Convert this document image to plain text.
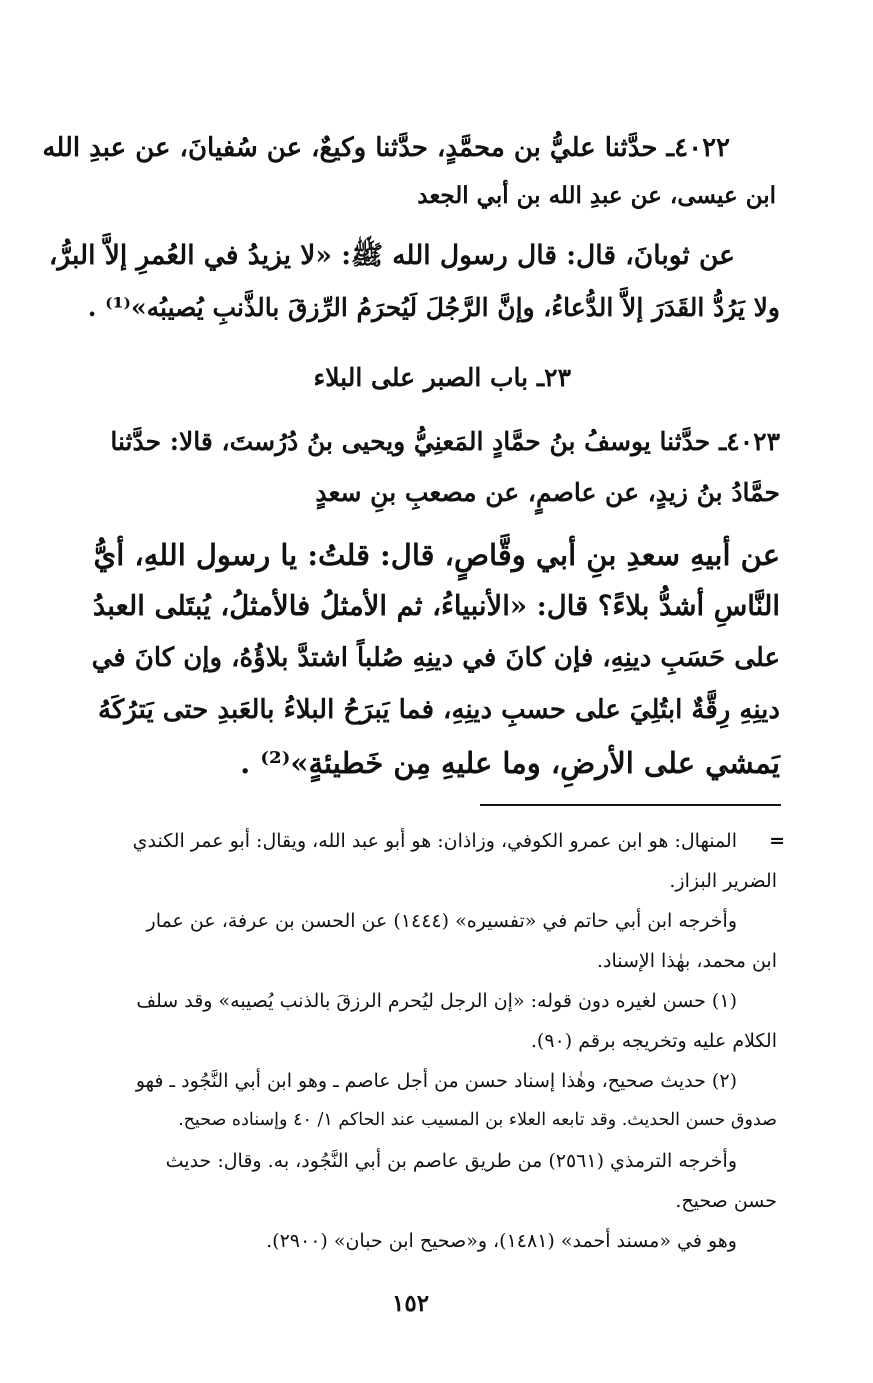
٤٠٢٢ـ حدَّثنا عليُّ بن محمَّدٍ، حدَّثنا وكيعٌ، عن سُفيانَ، عن عبدِ الله
ابن عيسى، عن عبدِ الله بن أبي الجعد
عن ثوبانَ، قال: قال رسول الله ﷺ: «لا يزيدُ في العُمرِ إلاَّ البرُّ،
ولا يَرُدُّ القَدَرَ إلاَّ الدُّعاءُ، وإنَّ الرَّجُلَ لَيُحرَمُ الرِّزقَ بالذَّنبِ يُصيبُه»⁽¹⁾ .
٢٣ـ باب الصبر على البلاء
٤٠٢٣ـ حدَّثنا يوسفُ بنُ حمَّادٍ المَعنِيُّ ويحيى بنُ دُرُستَ، قالا: حدَّثنا
حمَّادُ بنُ زيدٍ، عن عاصمٍ، عن مصعبِ بنِ سعدٍ
عن أبيهِ سعدِ بنِ أبي وقَّاصٍ، قال: قلتُ: يا رسول اللهِ، أيُّ
النَّاسِ أشدُّ بلاءً؟ قال: «الأنبياءُ، ثم الأمثلُ فالأمثلُ، يُبتَلى العبدُ
على حَسَبِ دينِهِ، فإن كانَ في دينِهِ صُلباً اشتدَّ بلاؤُهُ، وإن كانَ في
دينِهِ رِقَّةٌ ابتُلِيَ على حسبِ دينِهِ، فما يَبرَحُ البلاءُ بالعَبدِ حتى يَترُكَهُ
يَمشي على الأرضِ، وما عليهِ مِن خَطيئةٍ»⁽²⁾ .
=
المنهال: هو ابن عمرو الكوفي، وزاذان: هو أبو عبد الله، ويقال: أبو عمر الكندي
الضرير البزاز.
وأخرجه ابن أبي حاتم في «تفسيره» (١٤٤٤) عن الحسن بن عرفة، عن عمار
ابن محمد، بهٰذا الإسناد.
(١) حسن لغيره دون قوله: «إن الرجل ليُحرم الرزقَ بالذنب يُصيبه» وقد سلف
الكلام عليه وتخريجه برقم (٩٠).
(٢) حديث صحيح، وهٰذا إسناد حسن من أجل عاصم ـ وهو ابن أبي النَّجُود ـ فهو
صدوق حسن الحديث. وقد تابعه العلاء بن المسيب عند الحاكم ١/ ٤٠ وإسناده صحيح.
وأخرجه الترمذي (٢٥٦١) من طريق عاصم بن أبي النَّجُود، به. وقال: حديث
حسن صحيح.
وهو في «مسند أحمد» (١٤٨١)، و«صحيح ابن حبان» (٢٩٠٠).
١٥٢
